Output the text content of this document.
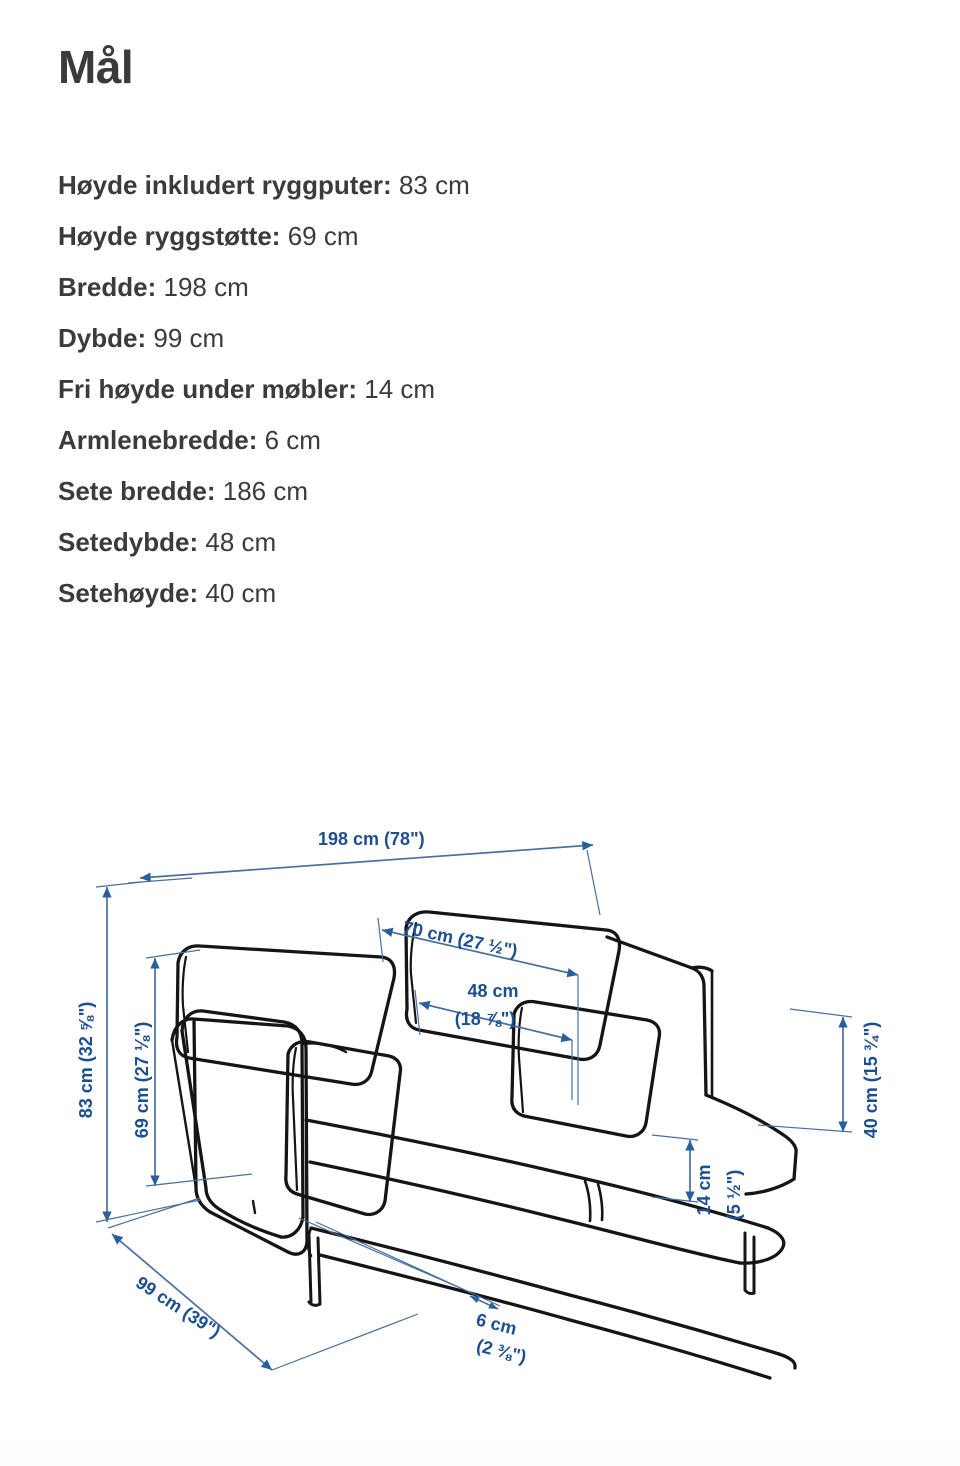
Mål
Høyde inkludert ryggputer: 83 cm
Høyde ryggstøtte: 69 cm
Bredde: 198 cm
Dybde: 99 cm
Fri høyde under møbler: 14 cm
Armlenebredde: 6 cm
Sete bredde: 186 cm
Setedybde: 48 cm
Setehøyde: 40 cm
198 cm (78")
83 cm (32 ⅝") 69 cm (27 ⅛")
70 cm (27 ½")
48 cm
(18 ⅞")
40 cm (15 ¾")
14 cm (5 ½")
99 cm (39")	6 cm
(2 ⅜")
